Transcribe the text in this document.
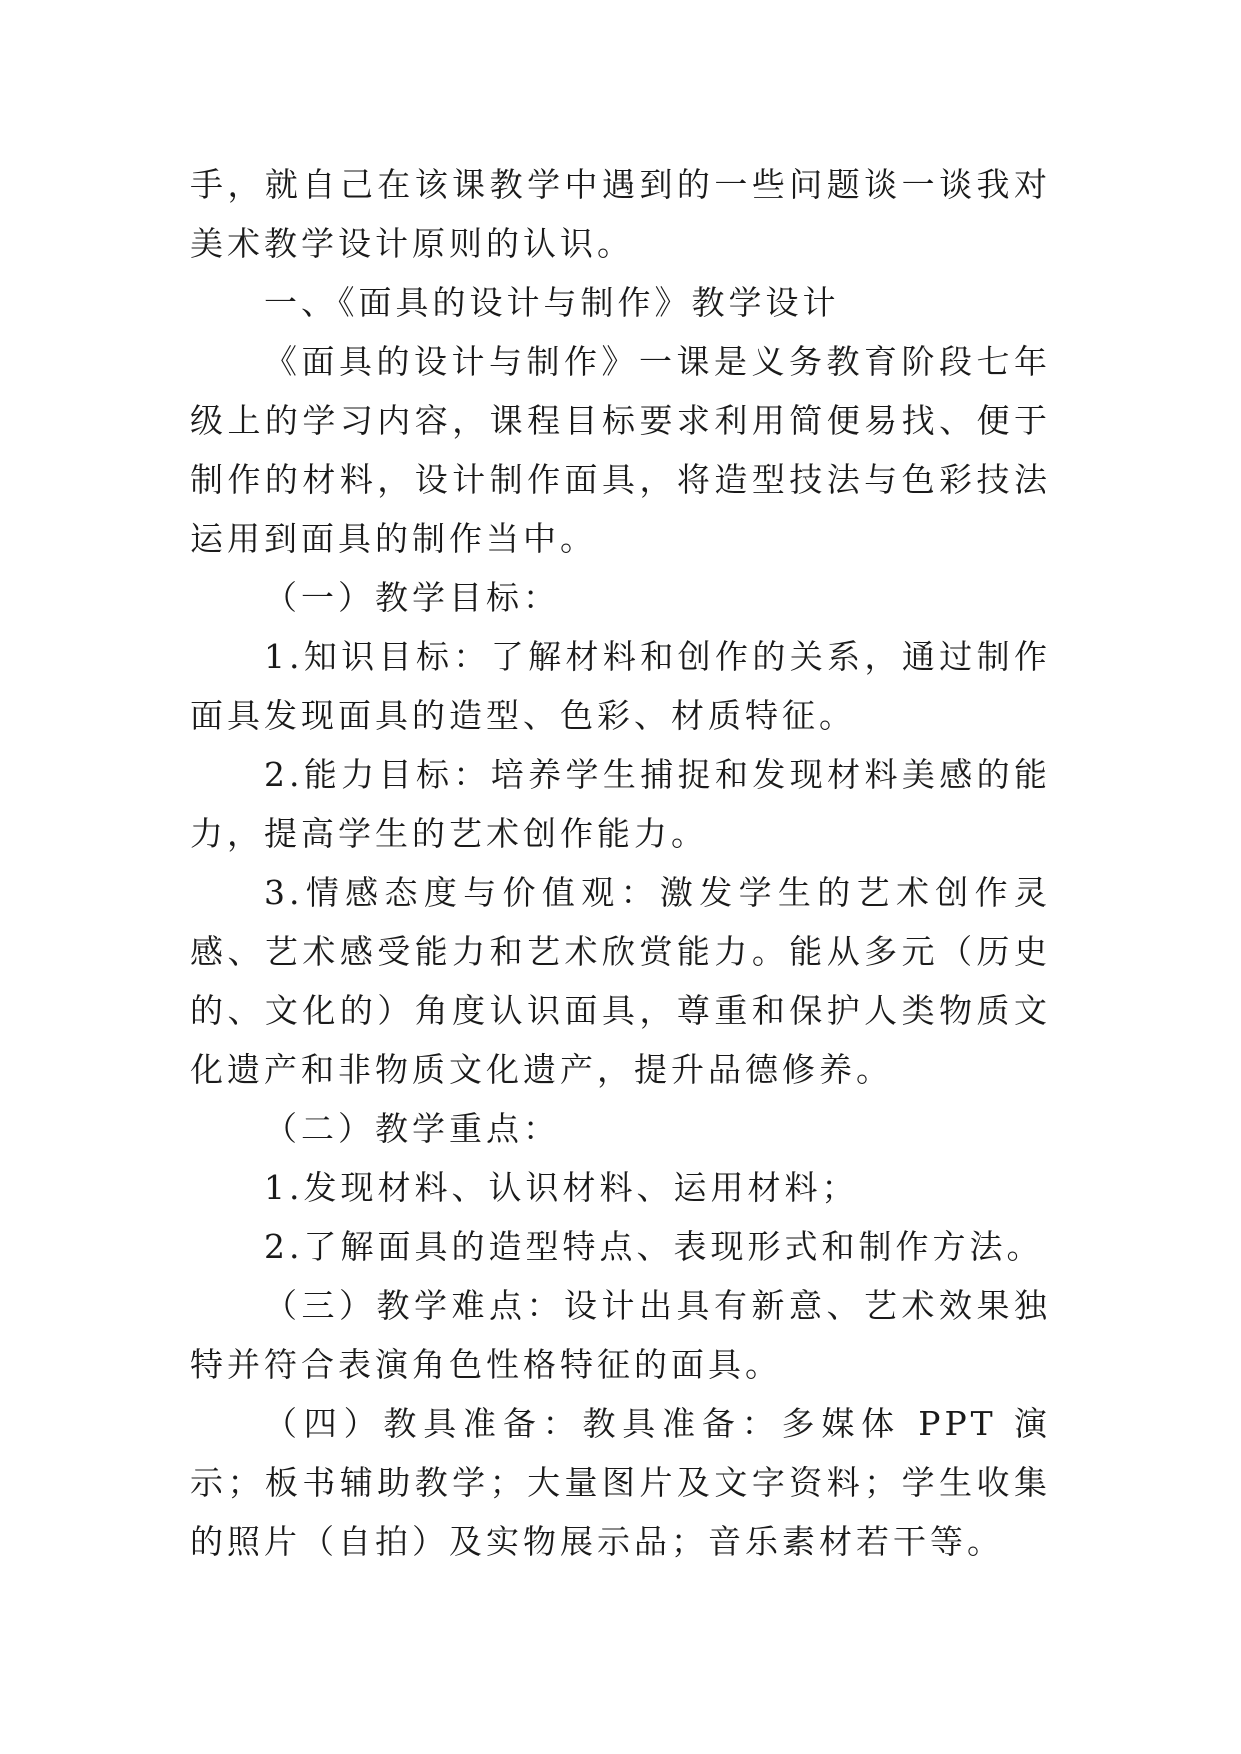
手，就自己在该课教学中遇到的一些问题谈一谈我对美术教学设计原则的认识。

一、《面具的设计与制作》教学设计

《面具的设计与制作》一课是义务教育阶段七年级上的学习内容，课程目标要求利用简便易找、便于制作的材料，设计制作面具，将造型技法与色彩技法运用到面具的制作当中。

（一）教学目标：

1.知识目标：了解材料和创作的关系，通过制作面具发现面具的造型、色彩、材质特征。

2.能力目标：培养学生捕捉和发现材料美感的能力，提高学生的艺术创作能力。

3.情感态度与价值观：激发学生的艺术创作灵感、艺术感受能力和艺术欣赏能力。能从多元（历史的、文化的）角度认识面具，尊重和保护人类物质文化遗产和非物质文化遗产，提升品德修养。

（二）教学重点：

1.发现材料、认识材料、运用材料；

2.了解面具的造型特点、表现形式和制作方法。

（三）教学难点：设计出具有新意、艺术效果独特并符合表演角色性格特征的面具。

（四）教具准备：教具准备：多媒体 PPT 演示；板书辅助教学；大量图片及文字资料；学生收集的照片（自拍）及实物展示品；音乐素材若干等。
